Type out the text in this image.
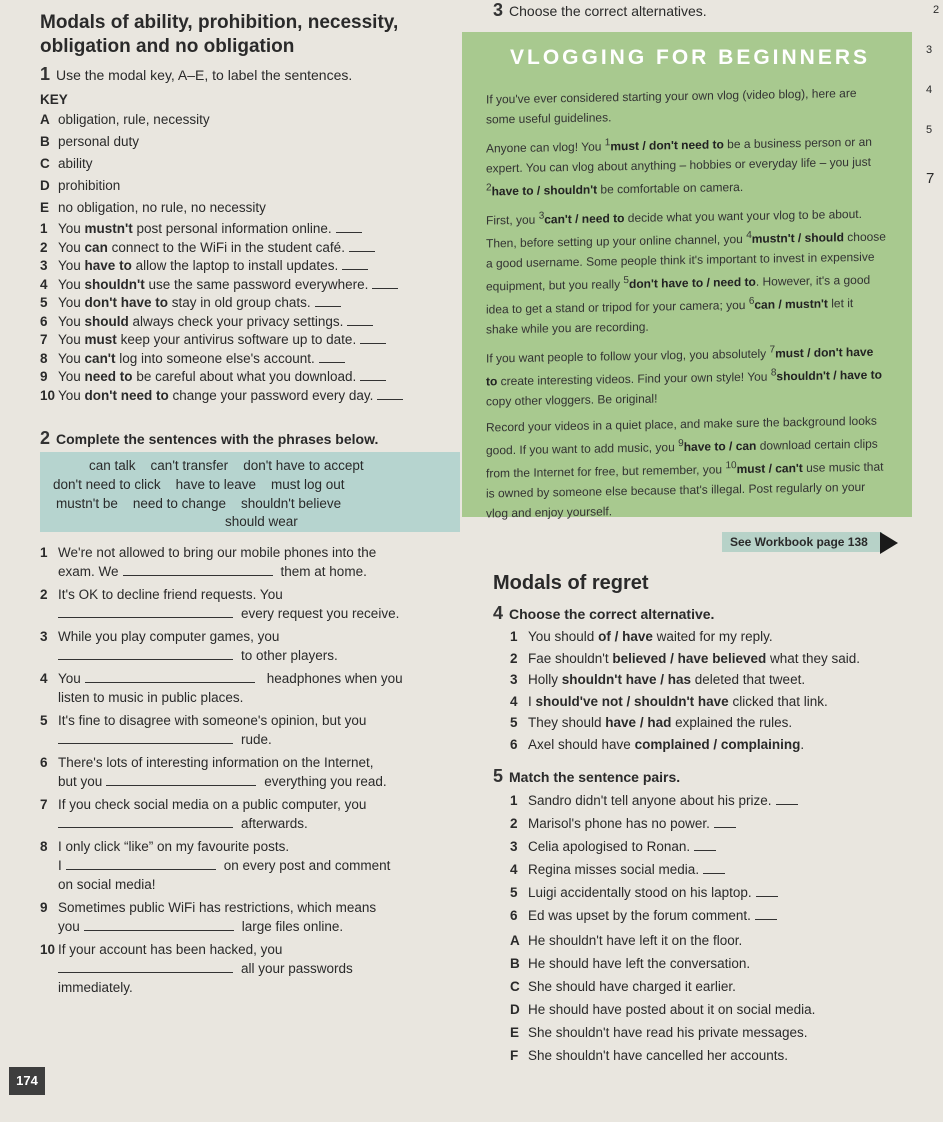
Modals of ability, prohibition, necessity,
obligation and no obligation
1 Use the modal key, A–E, to label the sentences.
KEY
A obligation, rule, necessity
B personal duty
C ability
D prohibition
E no obligation, no rule, no necessity
1 You mustn't post personal information online.
2 You can connect to the WiFi in the student café.
3 You have to allow the laptop to install updates.
4 You shouldn't use the same password everywhere.
5 You don't have to stay in old group chats.
6 You should always check your privacy settings.
7 You must keep your antivirus software up to date.
8 You can't log into someone else's account.
9 You need to be careful about what you download.
10 You don't need to change your password every day.
2 Complete the sentences with the phrases below.
can talk can't transfer don't have to accept
don't need to click have to leave must log out
mustn't be need to change shouldn't believe
should wear
1 We're not allowed to bring our mobile phones into the
exam. We	them at home.
2 It's OK to decline friend requests. You
every request you receive.
3 While you play computer games, you
to other players.
4 You	headphones when you
listen to music in public places.
5 It's fine to disagree with someone's opinion, but you
rude.
6 There's lots of interesting information on the Internet,
but you	everything you read.
7 If you check social media on a public computer, you
afterwards.
8 I only click “like” on my favourite posts.
I	on every post and comment
on social media!
9 Sometimes public WiFi has restrictions, which means
you	large files online.
10 If your account has been hacked, you
all your passwords
immediately.
3 Choose the correct alternatives.
VLOGGING FOR BEGINNERS
If you've ever considered starting your own vlog (video blog), here are some useful guidelines.
Anyone can vlog! You $^1$must / don't need to be a business person or an expert. You can vlog about anything – hobbies or everyday life – you just $^2$have to / shouldn't be comfortable on camera.
First, you $^3$can't / need to decide what you want your vlog to be about. Then, before setting up your online channel, you $^4$mustn't / should choose a good username. Some people think it's important to invest in expensive equipment, but you really $^5$don't have to / need to. However, it's a good idea to get a stand or tripod for your camera; you $^6$can / mustn't let it shake while you are recording.
If you want people to follow your vlog, you absolutely $^7$must / don't have to create interesting videos. Find your own style! You $^8$shouldn't / have to copy other vloggers. Be original!
Record your videos in a quiet place, and make sure the background looks good. If you want to add music, you $^9$have to / can download certain clips from the Internet for free, but remember, you $^{10}$must / can't use music that is owned by someone else because that's illegal. Post regularly on your vlog and enjoy yourself.
See Workbook page 138
Modals of regret
4 Choose the correct alternative.
1 You should of / have waited for my reply.
2 Fae shouldn't believed / have believed what they said.
3 Holly shouldn't have / has deleted that tweet.
4 I should've not / shouldn't have clicked that link.
5 They should have / had explained the rules.
6 Axel should have complained / complaining.
5 Match the sentence pairs.
1 Sandro didn't tell anyone about his prize.
2 Marisol's phone has no power.
3 Celia apologised to Ronan.
4 Regina misses social media.
5 Luigi accidentally stood on his laptop.
6 Ed was upset by the forum comment.
A He shouldn't have left it on the floor.
B He should have left the conversation.
C She should have charged it earlier.
D He should have posted about it on social media.
E She shouldn't have read his private messages.
F She shouldn't have cancelled her accounts.
2
3
4
5
7
174
